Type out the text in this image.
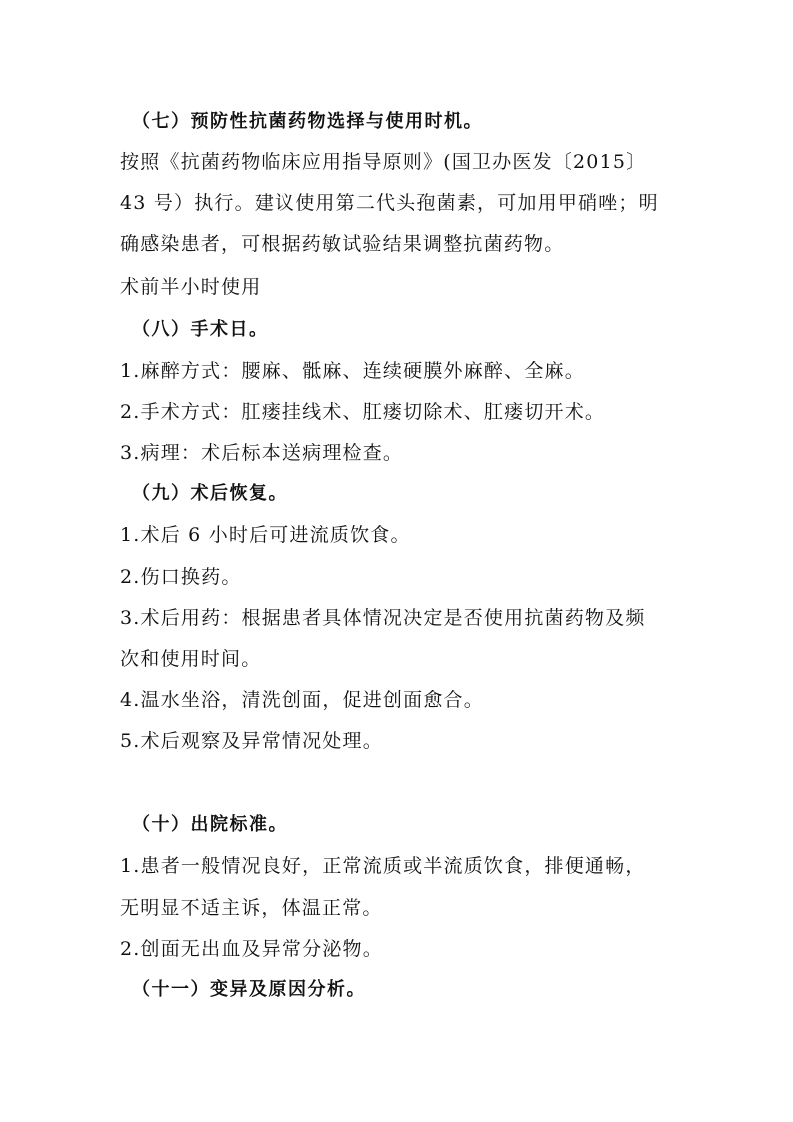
（七）预防性抗菌药物选择与使用时机。
按照《抗菌药物临床应用指导原则》(国卫办医发〔2015〕
43 号）执行。建议使用第二代头孢菌素，可加用甲硝唑；明
确感染患者，可根据药敏试验结果调整抗菌药物。
术前半小时使用
（八）手术日。
1.麻醉方式：腰麻、骶麻、连续硬膜外麻醉、全麻。
2.手术方式：肛瘘挂线术、肛瘘切除术、肛瘘切开术。
3.病理：术后标本送病理检查。
（九）术后恢复。
1.术后 6 小时后可进流质饮食。
2.伤口换药。
3.术后用药：根据患者具体情况决定是否使用抗菌药物及频
次和使用时间。
4.温水坐浴，清洗创面，促进创面愈合。
5.术后观察及异常情况处理。
（十）出院标准。
1.患者一般情况良好，正常流质或半流质饮食，排便通畅，
无明显不适主诉，体温正常。
2.创面无出血及异常分泌物。
（十一）变异及原因分析。
